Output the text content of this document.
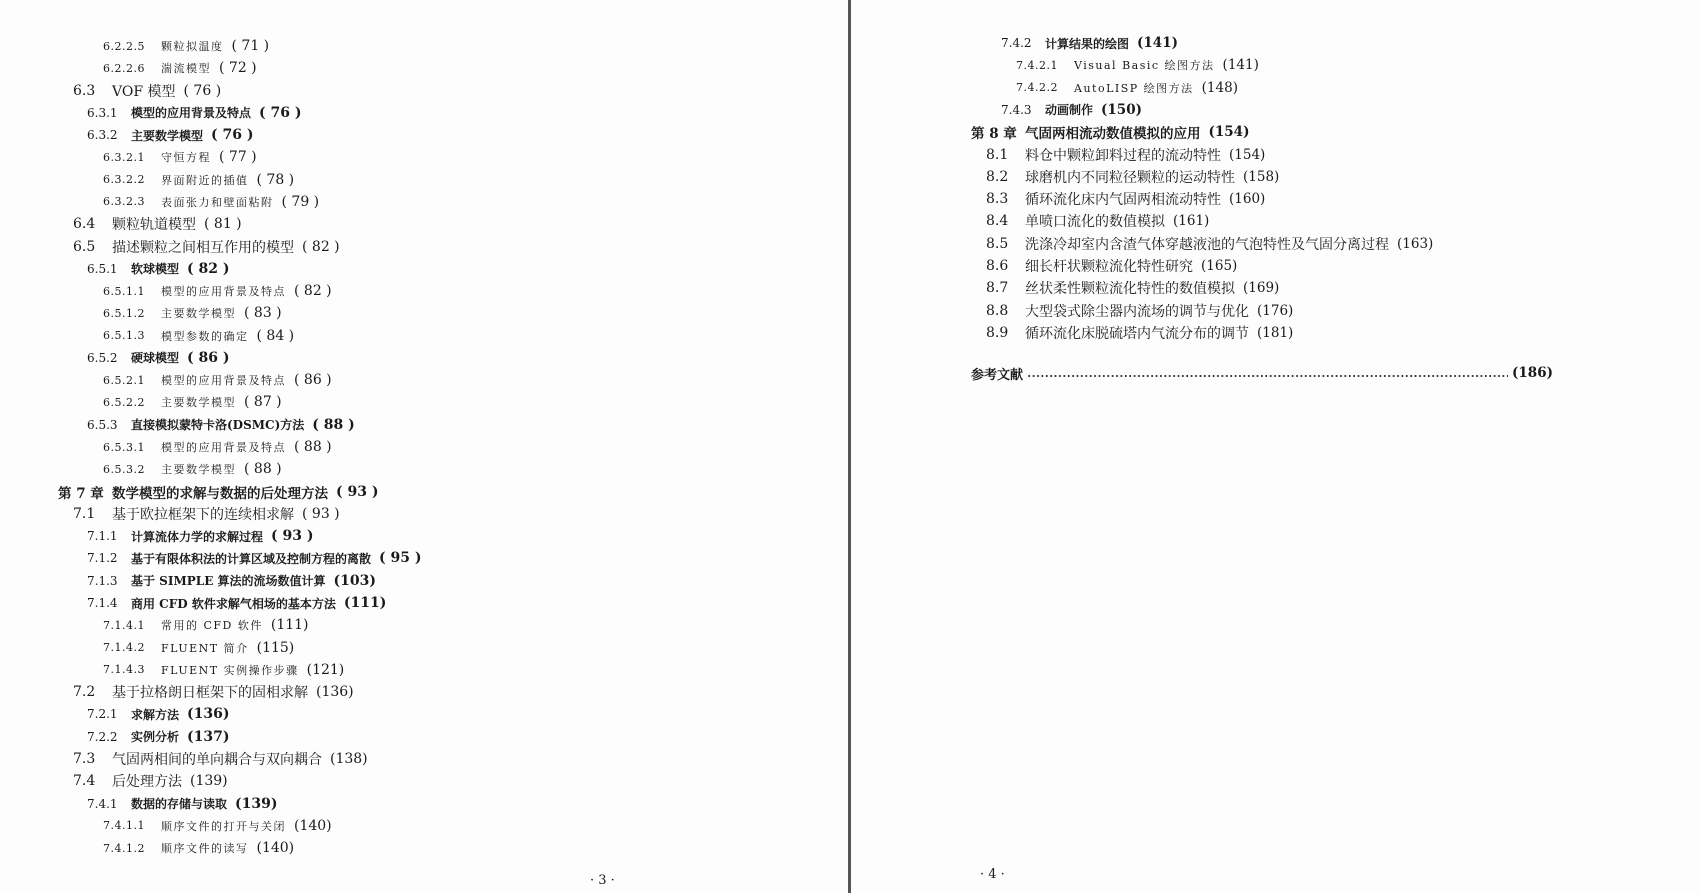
6.2.2.5	颗粒拟温度 ( 71 )
6.2.2.6	湍流模型 ( 72 )
6.3	VOF 模型 ( 76 )
6.3.1	模型的应用背景及特点 ( 76 )
6.3.2	主要数学模型 ( 76 )
6.3.2.1	守恒方程 ( 77 )
6.3.2.2	界面附近的插值 ( 78 )
6.3.2.3	表面张力和壁面粘附 ( 79 )
6.4	颗粒轨道模型 ( 81 )
6.5	描述颗粒之间相互作用的模型 ( 82 )
6.5.1	软球模型 ( 82 )
6.5.1.1	模型的应用背景及特点 ( 82 )
6.5.1.2	主要数学模型 ( 83 )
6.5.1.3	模型参数的确定 ( 84 )
6.5.2	硬球模型 ( 86 )
6.5.2.1	模型的应用背景及特点 ( 86 )
6.5.2.2	主要数学模型 ( 87 )
6.5.3	直接模拟蒙特卡洛(DSMC)方法 ( 88 )
6.5.3.1	模型的应用背景及特点 ( 88 )
6.5.3.2	主要数学模型 ( 88 )
第 7 章 数学模型的求解与数据的后处理方法 ( 93 )
7.1	基于欧拉框架下的连续相求解 ( 93 )
7.1.1	计算流体力学的求解过程 ( 93 )
7.1.2	基于有限体积法的计算区域及控制方程的离散 ( 95 )
7.1.3	基于 SIMPLE 算法的流场数值计算 (103)
7.1.4	商用 CFD 软件求解气相场的基本方法 (111)
7.1.4.1	常用的 CFD 软件 (111)
7.1.4.2	FLUENT 简介 (115)
7.1.4.3	FLUENT 实例操作步骤 (121)
7.2	基于拉格朗日框架下的固相求解 (136)
7.2.1	求解方法 (136)
7.2.2	实例分析 (137)
7.3	气固两相间的单向耦合与双向耦合 (138)
7.4	后处理方法 (139)
7.4.1	数据的存储与读取 (139)
7.4.1.1	顺序文件的打开与关闭 (140)
7.4.1.2	顺序文件的读写 (140)
· 3 ·
7.4.2	计算结果的绘图 (141)
7.4.2.1	Visual Basic 绘图方法 (141)
7.4.2.2	AutoLISP 绘图方法 (148)
7.4.3	动画制作 (150)
第 8 章 气固两相流动数值模拟的应用 (154)
8.1	料仓中颗粒卸料过程的流动特性 (154)
8.2	球磨机内不同粒径颗粒的运动特性 (158)
8.3	循环流化床内气固两相流动特性 (160)
8.4	单喷口流化的数值模拟 (161)
8.5	洗涤冷却室内含渣气体穿越液池的气泡特性及气固分离过程 (163)
8.6	细长杆状颗粒流化特性研究 (165)
8.7	丝状柔性颗粒流化特性的数值模拟 (169)
8.8	大型袋式除尘器内流场的调节与优化 (176)
8.9	循环流化床脱硫塔内气流分布的调节 (181)
参考文献	(186)
· 4 ·
